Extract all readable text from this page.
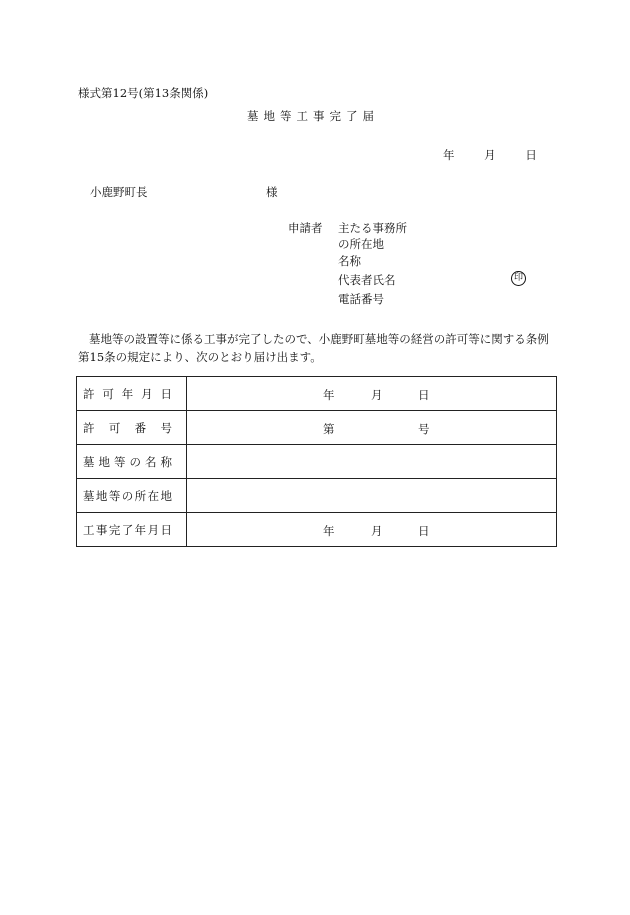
様式第12号(第13条関係)
墓地等工事完了届
年	月	日
小鹿野町長	様
申請者 主たる事務所
の所在地
名称
代表者氏名	印
電話番号
墓地等の設置等に係る工事が完了したので、小鹿野町墓地等の経営の許可等に関する条例第15条の規定により、次のとおり届け出ます。
許可年月日	年 月 日

許可番号	第 号

墓地等の名称	

墓地等の所在地	

工事完了年月日	年 月 日
